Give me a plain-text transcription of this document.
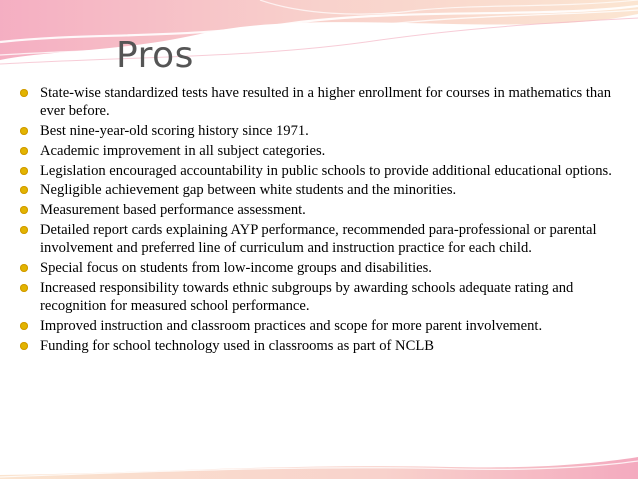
Pros
State-wise standardized tests have resulted in a higher enrollment for courses in mathematics than ever before.
Best nine-year-old scoring history since 1971.
Academic improvement in all subject categories.
Legislation encouraged accountability in public schools to provide additional educational options.
Negligible achievement gap between white students and the minorities.
Measurement based performance assessment.
Detailed report cards explaining AYP performance, recommended para-professional or parental involvement and preferred line of curriculum and instruction practice for each child.
Special focus on students from low-income groups and disabilities.
Increased responsibility towards ethnic subgroups by awarding schools adequate rating and recognition for measured school performance.
Improved instruction and classroom practices and scope for more parent involvement.
Funding for school technology used in classrooms as part of NCLB
